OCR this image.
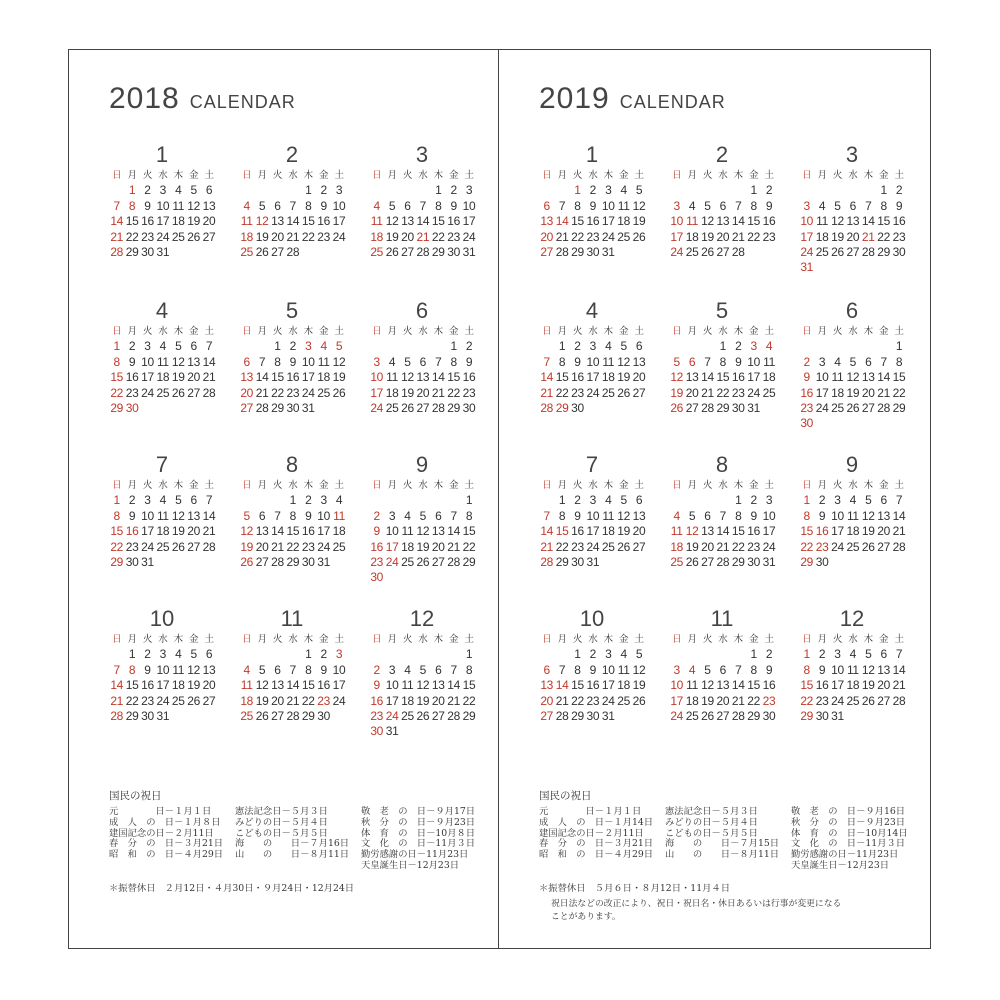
2018 CALENDAR
1
日 月 火 水 木 金 土
1 2 3 4 5 6
7 8 9 10 11 12 13
14 15 16 17 18 19 20
21 22 23 24 25 26 27
28 29 30 31
2
日 月 火 水 木 金 土
1 2 3
4 5 6 7 8 9 10
11 12 13 14 15 16 17
18 19 20 21 22 23 24
25 26 27 28
3
日 月 火 水 木 金 土
1 2 3
4 5 6 7 8 9 10
11 12 13 14 15 16 17
18 19 20 21 22 23 24
25 26 27 28 29 30 31
4
日 月 火 水 木 金 土
1 2 3 4 5 6 7
8 9 10 11 12 13 14
15 16 17 18 19 20 21
22 23 24 25 26 27 28
29 30
5
日 月 火 水 木 金 土
1 2 3 4 5
6 7 8 9 10 11 12
13 14 15 16 17 18 19
20 21 22 23 24 25 26
27 28 29 30 31
6
日 月 火 水 木 金 土
1 2
3 4 5 6 7 8 9
10 11 12 13 14 15 16
17 18 19 20 21 22 23
24 25 26 27 28 29 30
7
日 月 火 水 木 金 土
1 2 3 4 5 6 7
8 9 10 11 12 13 14
15 16 17 18 19 20 21
22 23 24 25 26 27 28
29 30 31
8
日 月 火 水 木 金 土
1 2 3 4
5 6 7 8 9 10 11
12 13 14 15 16 17 18
19 20 21 22 23 24 25
26 27 28 29 30 31
9
日 月 火 水 木 金 土
1
2 3 4 5 6 7 8
9 10 11 12 13 14 15
16 17 18 19 20 21 22
23 24 25 26 27 28 29
30
10
日 月 火 水 木 金 土
1 2 3 4 5 6
7 8 9 10 11 12 13
14 15 16 17 18 19 20
21 22 23 24 25 26 27
28 29 30 31
11
日 月 火 水 木 金 土
1 2 3
4 5 6 7 8 9 10
11 12 13 14 15 16 17
18 19 20 21 22 23 24
25 26 27 28 29 30
12
日 月 火 水 木 金 土
1
2 3 4 5 6 7 8
9 10 11 12 13 14 15
16 17 18 19 20 21 22
23 24 25 26 27 28 29
30 31
国民の祝日
元　　　　日－１月１日
成　人　の　日－１月８日
建国記念の日－２月11日
春　分　の　日－３月21日
昭　和　の　日－４月29日
憲法記念日－５月３日
みどりの日－５月４日
こどもの日－５月５日
海　　の　　日－７月16日
山　　の　　日－８月11日
敬　老　の　日－９月17日
秋　分　の　日－９月23日
体　育　の　日－10月８日
文　化　の　日－11月３日
勤労感謝の日－11月23日
天皇誕生日－12月23日
＊振替休日　２月12日・４月30日・９月24日・12月24日
2019 CALENDAR
1
日 月 火 水 木 金 土
1 2 3 4 5
6 7 8 9 10 11 12
13 14 15 16 17 18 19
20 21 22 23 24 25 26
27 28 29 30 31
2
日 月 火 水 木 金 土
1 2
3 4 5 6 7 8 9
10 11 12 13 14 15 16
17 18 19 20 21 22 23
24 25 26 27 28
3
日 月 火 水 木 金 土
1 2
3 4 5 6 7 8 9
10 11 12 13 14 15 16
17 18 19 20 21 22 23
24 25 26 27 28 29 30
31
4
日 月 火 水 木 金 土
1 2 3 4 5 6
7 8 9 10 11 12 13
14 15 16 17 18 19 20
21 22 23 24 25 26 27
28 29 30
5
日 月 火 水 木 金 土
1 2 3 4
5 6 7 8 9 10 11
12 13 14 15 16 17 18
19 20 21 22 23 24 25
26 27 28 29 30 31
6
日 月 火 水 木 金 土
1
2 3 4 5 6 7 8
9 10 11 12 13 14 15
16 17 18 19 20 21 22
23 24 25 26 27 28 29
30
7
日 月 火 水 木 金 土
1 2 3 4 5 6
7 8 9 10 11 12 13
14 15 16 17 18 19 20
21 22 23 24 25 26 27
28 29 30 31
8
日 月 火 水 木 金 土
1 2 3
4 5 6 7 8 9 10
11 12 13 14 15 16 17
18 19 20 21 22 23 24
25 26 27 28 29 30 31
9
日 月 火 水 木 金 土
1 2 3 4 5 6 7
8 9 10 11 12 13 14
15 16 17 18 19 20 21
22 23 24 25 26 27 28
29 30
10
日 月 火 水 木 金 土
1 2 3 4 5
6 7 8 9 10 11 12
13 14 15 16 17 18 19
20 21 22 23 24 25 26
27 28 29 30 31
11
日 月 火 水 木 金 土
1 2
3 4 5 6 7 8 9
10 11 12 13 14 15 16
17 18 19 20 21 22 23
24 25 26 27 28 29 30
12
日 月 火 水 木 金 土
1 2 3 4 5 6 7
8 9 10 11 12 13 14
15 16 17 18 19 20 21
22 23 24 25 26 27 28
29 30 31
国民の祝日
元　　　　日－１月１日
成　人　の　日－１月14日
建国記念の日－２月11日
春　分　の　日－３月21日
昭　和　の　日－４月29日
憲法記念日－５月３日
みどりの日－５月４日
こどもの日－５月５日
海　　の　　日－７月15日
山　　の　　日－８月11日
敬　老　の　日－９月16日
秋　分　の　日－９月23日
体　育　の　日－10月14日
文　化　の　日－11月３日
勤労感謝の日－11月23日
天皇誕生日－12月23日
＊振替休日　５月６日・８月12日・11月４日
祝日法などの改正により、祝日・祝日名・休日あるいは行事が変更になる
ことがあります。
